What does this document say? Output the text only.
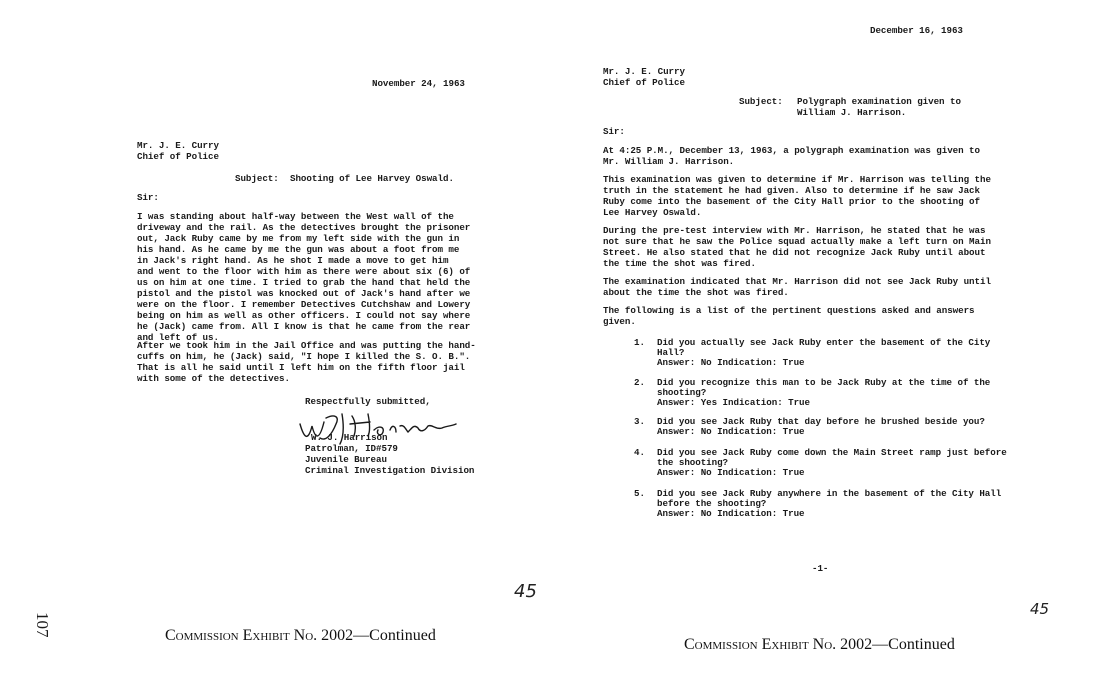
November 24, 1963

Mr. J. E. Curry

Chief of Police

Subject: Shooting of Lee Harvey Oswald.

Sir:

I was standing about half-way between the West wall of the
driveway and the rail. As the detectives brought the prisoner
out, Jack Ruby came by me from my left side with the gun in
his hand. As he came by me the gun was about a foot from me
in Jack's right hand. As he shot I made a move to get him
and went to the floor with him as there were about six (6) of
us on him at one time. I tried to grab the hand that held the
pistol and the pistol was knocked out of Jack's hand after we
were on the floor. I remember Detectives Cutchshaw and Lowery
being on him as well as other officers. I could not say where
he (Jack) came from. All I know is that he came from the rear
and left of us.
After we took him in the Jail Office and was putting the hand-
cuffs on him, he (Jack) said, "I hope I killed the S. O. B.".
That is all he said until I left him on the fifth floor jail
with some of the detectives.

Respectfully submitted,

W. J. Harrison

Patrolman, ID#579

Juvenile Bureau

Criminal Investigation Division

45
107	Commission Exhibit No. 2002—Continued

December 16, 1963

Mr. J. E. Curry

Chief of Police

Subject: Polygraph examination given to

William J. Harrison.

Sir:

At 4:25 P.M., December 13, 1963, a polygraph examination was given to
Mr. William J. Harrison.
This examination was given to determine if Mr. Harrison was telling the
truth in the statement he had given. Also to determine if he saw Jack
Ruby come into the basement of the City Hall prior to the shooting of
Lee Harvey Oswald.
During the pre-test interview with Mr. Harrison, he stated that he was
not sure that he saw the Police squad actually make a left turn on Main
Street. He also stated that he did not recognize Jack Ruby until about
the time the shot was fired.
The examination indicated that Mr. Harrison did not see Jack Ruby until
about the time the shot was fired.
The following is a list of the pertinent questions asked and answers
given.

1. Did you actually see Jack Ruby enter the basement of the City

Hall?

Answer: No Indication: True

2. Did you recognize this man to be Jack Ruby at the time of the

shooting?

Answer: Yes Indication: True

3. Did you see Jack Ruby that day before he brushed beside you?

Answer: No Indication: True

4. Did you see Jack Ruby come down the Main Street ramp just before

the shooting?

Answer: No Indication: True

5. Did you see Jack Ruby anywhere in the basement of the City Hall

before the shooting?

Answer: No Indication: True

-1-

45
Commission Exhibit No. 2002—Continued
